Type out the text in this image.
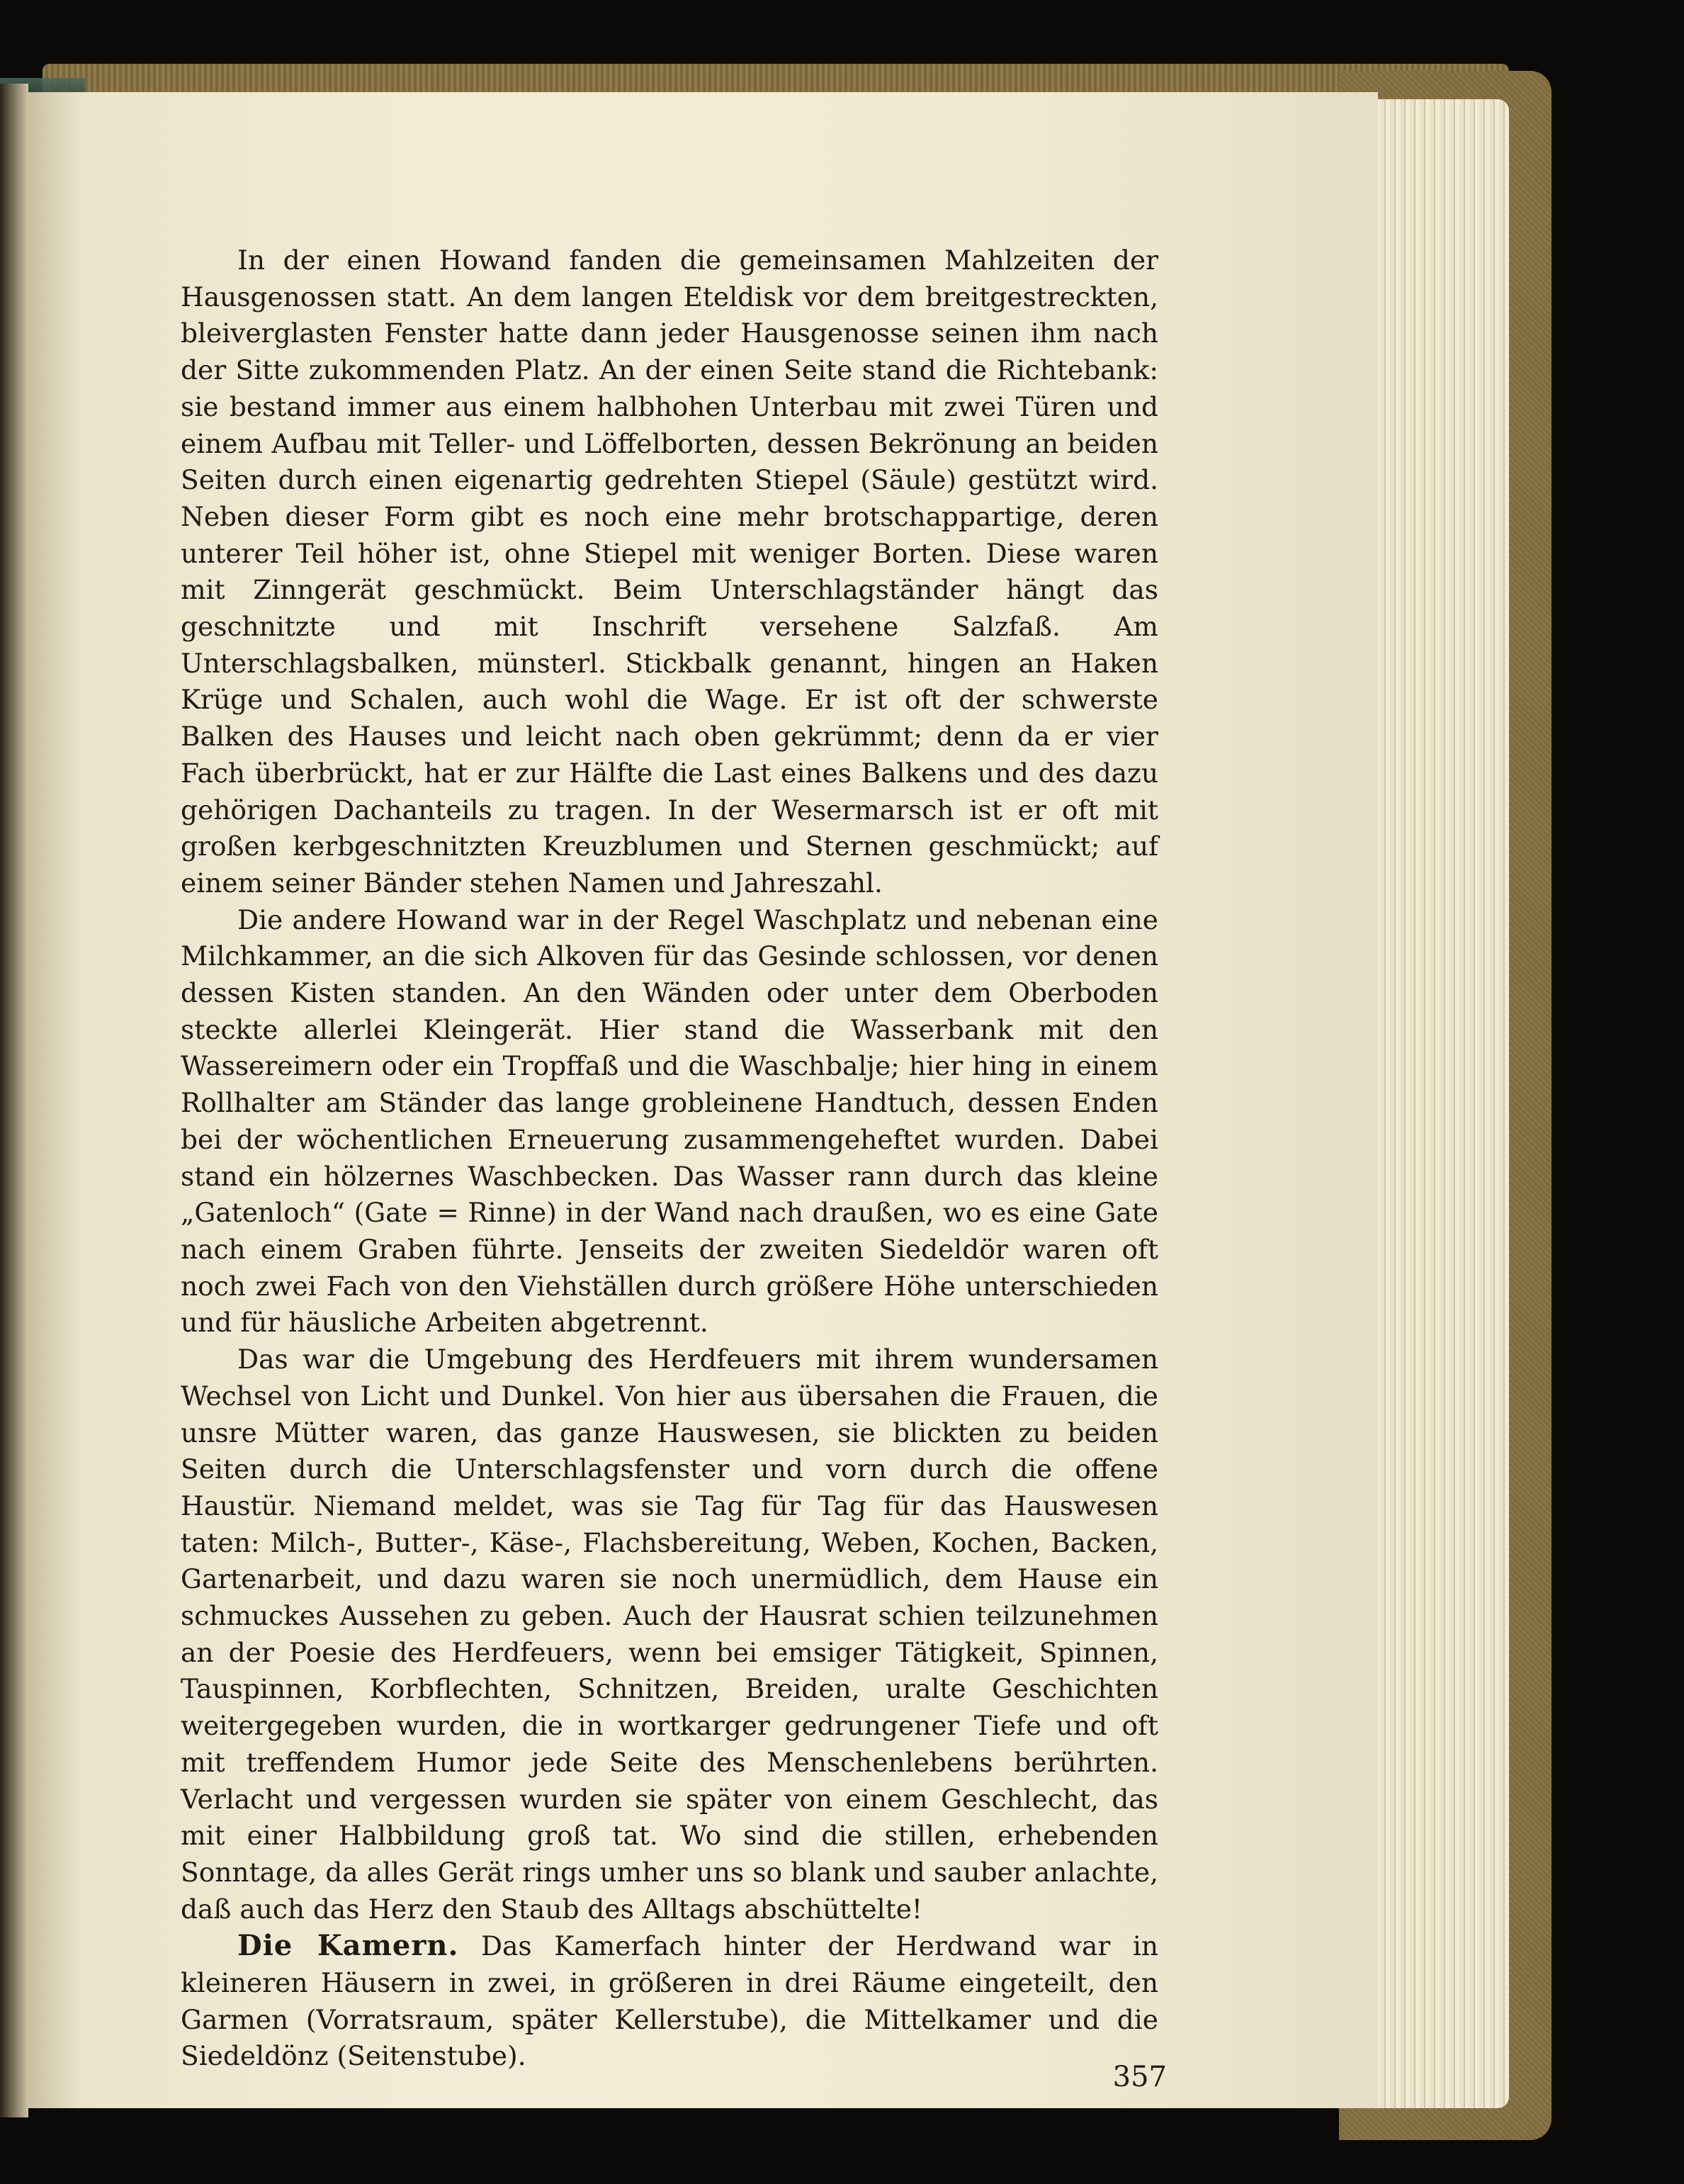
In der einen Howand fanden die gemeinsamen Mahlzeiten der Hausgenossen statt. An dem langen Eteldisk vor dem breitgestreckten, bleiverglasten Fenster hatte dann jeder Hausgenosse seinen ihm nach der Sitte zukommenden Platz. An der einen Seite stand die Richtebank: sie bestand immer aus einem halbhohen Unterbau mit zwei Türen und einem Aufbau mit Teller- und Löffelborten, dessen Bekrönung an beiden Seiten durch einen eigenartig gedrehten Stiepel (Säule) gestützt wird. Neben dieser Form gibt es noch eine mehr brotschappartige, deren unterer Teil höher ist, ohne Stiepel mit weniger Borten. Diese waren mit Zinngerät geschmückt. Beim Unterschlagständer hängt das geschnitzte und mit Inschrift versehene Salzfaß. Am Unterschlagsbalken, münsterl. Stickbalk genannt, hingen an Haken Krüge und Schalen, auch wohl die Wage. Er ist oft der schwerste Balken des Hauses und leicht nach oben gekrümmt; denn da er vier Fach überbrückt, hat er zur Hälfte die Last eines Balkens und des dazu gehörigen Dachanteils zu tragen. In der Wesermarsch ist er oft mit großen kerbgeschnitzten Kreuzblumen und Sternen geschmückt; auf einem seiner Bänder stehen Namen und Jahreszahl.

Die andere Howand war in der Regel Waschplatz und nebenan eine Milchkammer, an die sich Alkoven für das Gesinde schlossen, vor denen dessen Kisten standen. An den Wänden oder unter dem Oberboden steckte allerlei Kleingerät. Hier stand die Wasserbank mit den Wassereimern oder ein Tropffaß und die Waschbalje; hier hing in einem Rollhalter am Ständer das lange grobleinene Handtuch, dessen Enden bei der wöchentlichen Erneuerung zusammengeheftet wurden. Dabei stand ein hölzernes Waschbecken. Das Wasser rann durch das kleine „Gatenloch“ (Gate = Rinne) in der Wand nach draußen, wo es eine Gate nach einem Graben führte. Jenseits der zweiten Siedeldör waren oft noch zwei Fach von den Viehställen durch größere Höhe unterschieden und für häusliche Arbeiten abgetrennt.

Das war die Umgebung des Herdfeuers mit ihrem wundersamen Wechsel von Licht und Dunkel. Von hier aus übersahen die Frauen, die unsre Mütter waren, das ganze Hauswesen, sie blickten zu beiden Seiten durch die Unterschlagsfenster und vorn durch die offene Haustür. Niemand meldet, was sie Tag für Tag für das Hauswesen taten: Milch-, Butter-, Käse-, Flachsbereitung, Weben, Kochen, Backen, Gartenarbeit, und dazu waren sie noch unermüdlich, dem Hause ein schmuckes Aussehen zu geben. Auch der Hausrat schien teilzunehmen an der Poesie des Herdfeuers, wenn bei emsiger Tätigkeit, Spinnen, Tauspinnen, Korbflechten, Schnitzen, Breiden, uralte Geschichten weitergegeben wurden, die in wortkarger gedrungener Tiefe und oft mit treffendem Humor jede Seite des Menschenlebens berührten. Verlacht und vergessen wurden sie später von einem Geschlecht, das mit einer Halbbildung groß tat. Wo sind die stillen, erhebenden Sonntage, da alles Gerät rings umher uns so blank und sauber anlachte, daß auch das Herz den Staub des Alltags abschüttelte!

Die Kamern. Das Kamerfach hinter der Herdwand war in kleineren Häusern in zwei, in größeren in drei Räume eingeteilt, den Garmen (Vorratsraum, später Kellerstube), die Mittelkamer und die Siedeldönz (Seitenstube).

357
